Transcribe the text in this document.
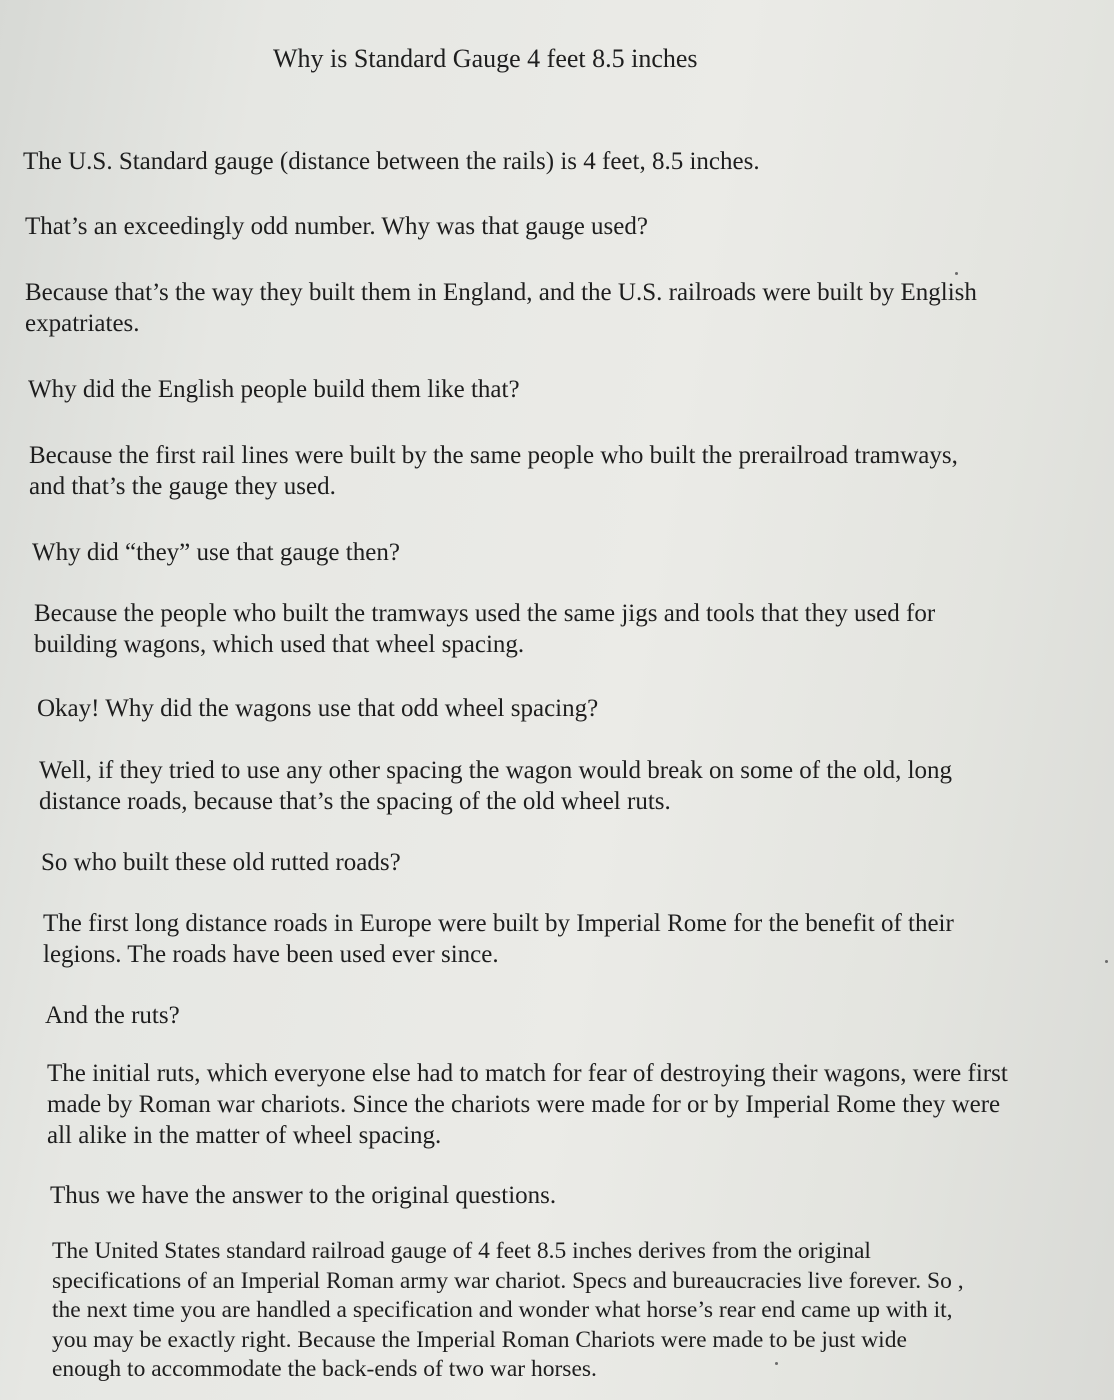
Why is Standard Gauge 4 feet 8.5 inches

The U.S. Standard gauge (distance between the rails) is 4 feet, 8.5 inches.

That’s an exceedingly odd number. Why was that gauge used?

Because that’s the way they built them in England, and the U.S. railroads were built by English
expatriates.

Why did the English people build them like that?

Because the first rail lines were built by the same people who built the prerailroad tramways,
and that’s the gauge they used.

Why did “they” use that gauge then?

Because the people who built the tramways used the same jigs and tools that they used for
building wagons, which used that wheel spacing.

Okay! Why did the wagons use that odd wheel spacing?

Well, if they tried to use any other spacing the wagon would break on some of the old, long
distance roads, because that’s the spacing of the old wheel ruts.

So who built these old rutted roads?

The first long distance roads in Europe were built by Imperial Rome for the benefit of their
legions. The roads have been used ever since.

And the ruts?

The initial ruts, which everyone else had to match for fear of destroying their wagons, were first
made by Roman war chariots. Since the chariots were made for or by Imperial Rome they were
all alike in the matter of wheel spacing.

Thus we have the answer to the original questions.

The United States standard railroad gauge of 4 feet 8.5 inches derives from the original
specifications of an Imperial Roman army war chariot. Specs and bureaucracies live forever. So ,
the next time you are handled a specification and wonder what horse’s rear end came up with it,
you may be exactly right. Because the Imperial Roman Chariots were made to be just wide
enough to accommodate the back-ends of two war horses.
